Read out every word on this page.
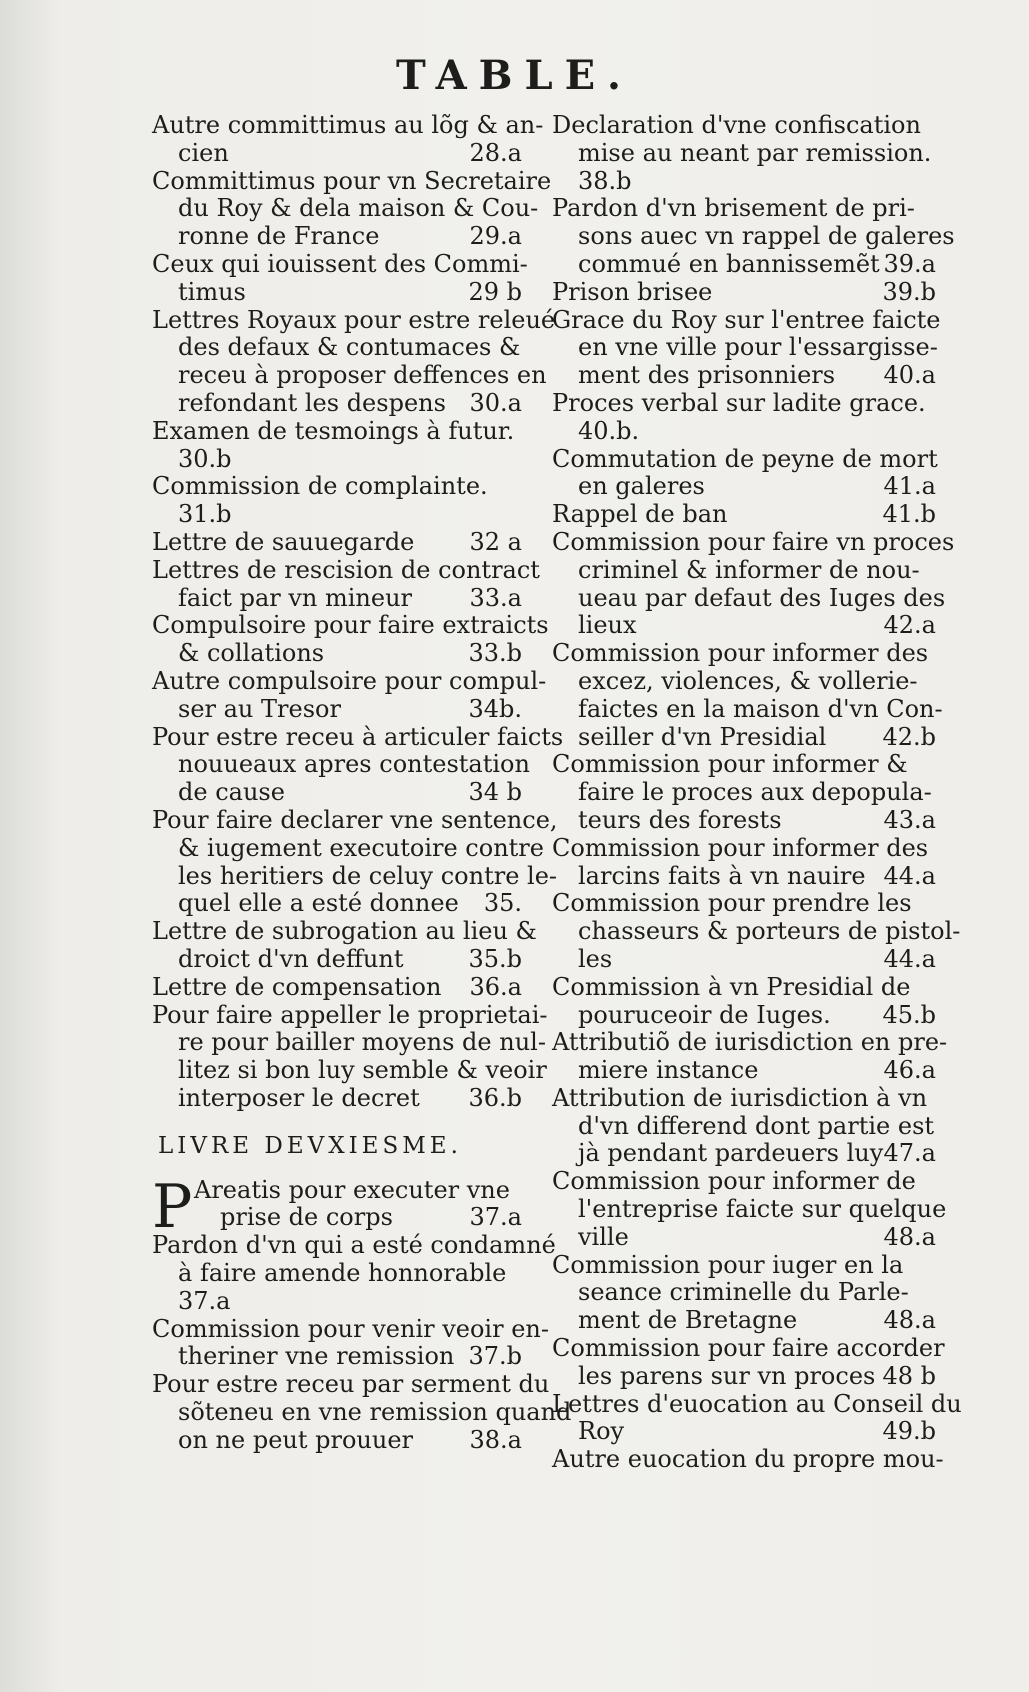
TABLE.
Autre committimus au lõg & an-
cien	28.a
Committimus pour vn Secretaire
du Roy & dela maison & Cou-
ronne de France	29.a
Ceux qui iouissent des Commi-
timus	29 b
Lettres Royaux pour estre releué
des defaux & contumaces &
receu à proposer deffences en
refondant les despens 30.a
Examen de tesmoings à futur.
30.b
Commission de complainte.
31.b
Lettre de sauuegarde 32 a
Lettres de rescision de contract
faict par vn mineur 33.a
Compulsoire pour faire extraicts
& collations	33.b
Autre compulsoire pour compul-
ser au Tresor	34b.
Pour estre receu à articuler faicts
nouueaux apres contestation
de cause	34 b
Pour faire declarer vne sentence,
& iugement executoire contre
les heritiers de celuy contre le-
quel elle a esté donnee 35.
Lettre de subrogation au lieu &
droict d'vn deffunt	35.b
Lettre de compensation 36.a
Pour faire appeller le proprietai-
re pour bailler moyens de nul-
litez si bon luy semble & veoir
interposer le decret 36.b
LIVRE DEVXIESME.
P Areatis pour executer vne
prise de corps	37.a
Pardon d'vn qui a esté condamné
à faire amende honnorable
37.a
Commission pour venir veoir en-
theriner vne remission 37.b
Pour estre receu par serment du
sõteneu en vne remission quand
on ne peut prouuer 38.a
Declaration d'vne confiscation
mise au neant par remission.
38.b
Pardon d'vn brisement de pri-
sons auec vn rappel de galeres
commué en bannissemẽt 39.a
Prison brisee	39.b
Grace du Roy sur l'entree faicte
en vne ville pour l'essargisse-
ment des prisonniers 40.a
Proces verbal sur ladite grace.
40.b.
Commutation de peyne de mort
en galeres	41.a
Rappel de ban	41.b
Commission pour faire vn proces
criminel & informer de nou-
ueau par defaut des Iuges des
lieux	42.a
Commission pour informer des
excez, violences, & vollerie-
faictes en la maison d'vn Con-
seiller d'vn Presidial 42.b
Commission pour informer &
faire le proces aux depopula-
teurs des forests	43.a
Commission pour informer des
larcins faits à vn nauire 44.a
Commission pour prendre les
chasseurs & porteurs de pistol-
les	44.a
Commission à vn Presidial de
pouruceoir de Iuges. 45.b
Attributiõ de iurisdiction en pre-
miere instance	46.a
Attribution de iurisdiction à vn
d'vn differend dont partie est
jà pendant pardeuers luy 47.a
Commission pour informer de
l'entreprise faicte sur quelque
ville	48.a
Commission pour iuger en la
seance criminelle du Parle-
ment de Bretagne	48.a
Commission pour faire accorder
les parens sur vn proces 48 b
Lettres d'euocation au Conseil du
Roy	49.b
Autre euocation du propre mou-
